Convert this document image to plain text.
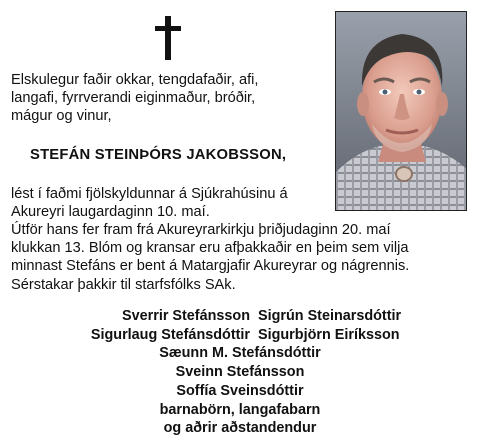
Elskulegur faðir okkar, tengdafaðir, afi,
langafi, fyrrverandi eiginmaður, bróðir,
mágur og vinur,
STEFÁN STEINÞÓRS JAKOBSSON,
lést í faðmi fjölskyldunnar á Sjúkrahúsinu á
Akureyri laugardaginn 10. maí.
Útför hans fer fram frá Akureyrarkirkju þriðjudaginn 20. maí
klukkan 13. Blóm og kransar eru afþakkaðir en þeim sem vilja
minnast Stefáns er bent á Matargjafir Akureyrar og nágrennis.
Sérstakar þakkir til starfsfólks SAk.
Sverrir Stefánsson Sigrún Steinarsdóttir
Sigurlaug Stefánsdóttir Sigurbjörn Eiríksson
Sæunn M. Stefánsdóttir
Sveinn Stefánsson
Soffía Sveinsdóttir
barnabörn, langafabarn
og aðrir aðstandendur
